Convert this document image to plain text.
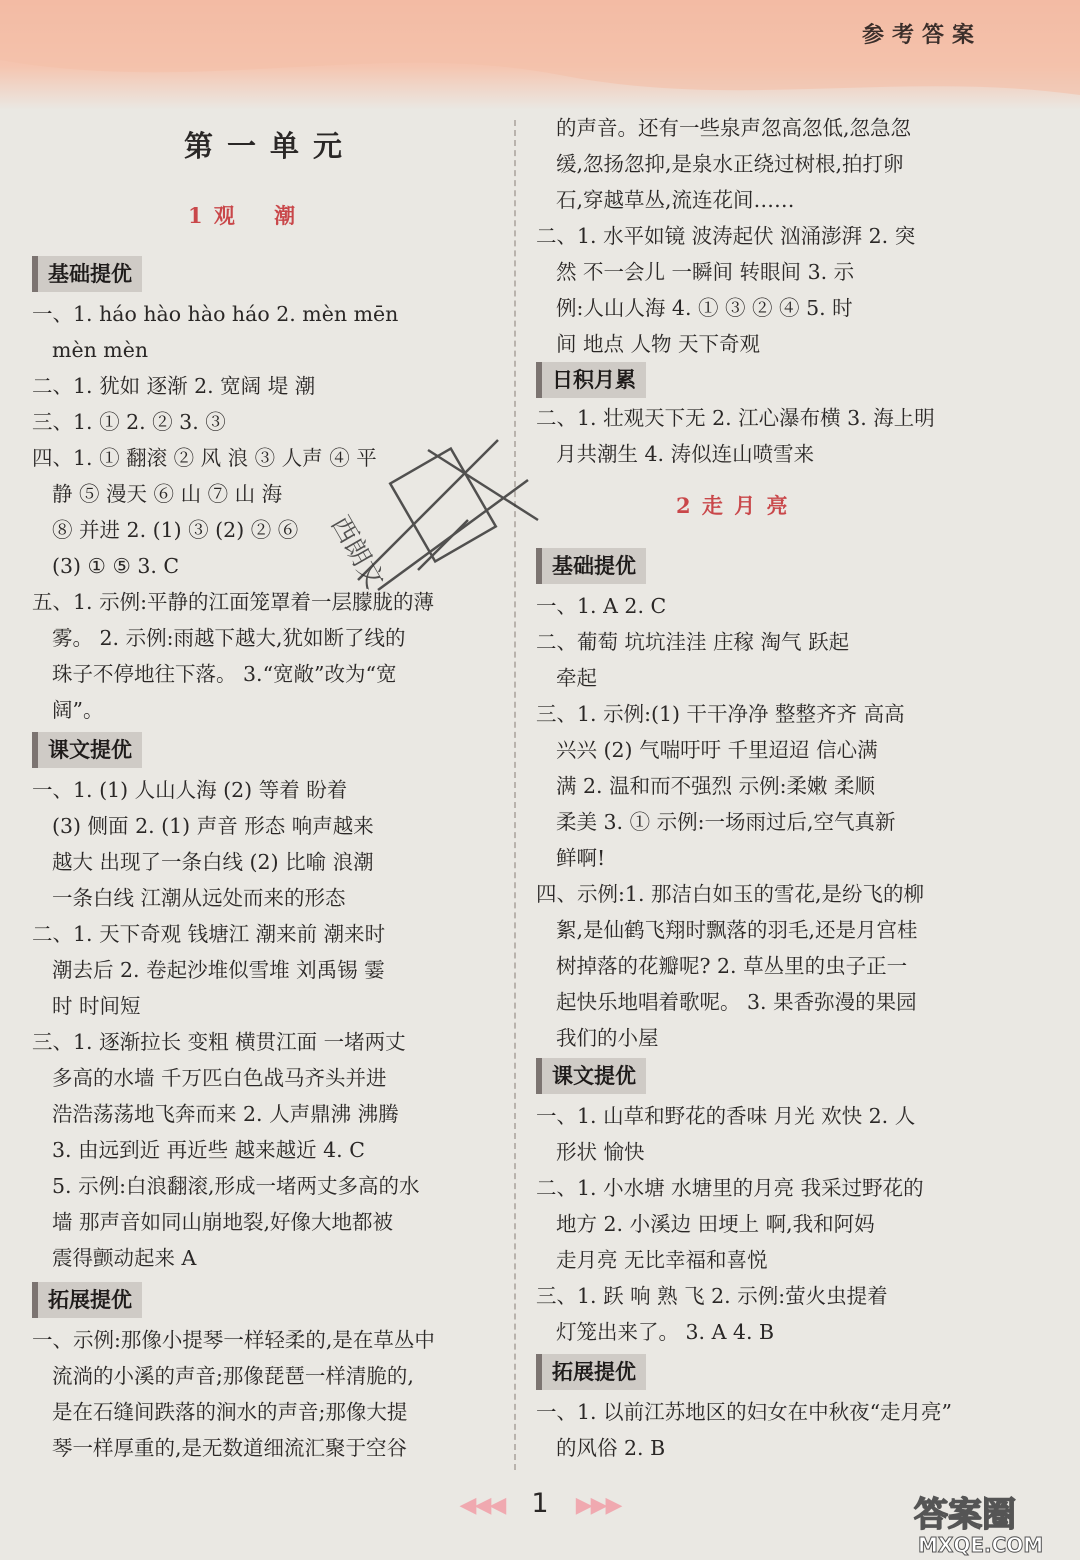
参考答案
第一单元
1 观    潮
基础提优
一、1. háo hào hào háo 2. mèn mēn
mèn mèn
二、1. 犹如 逐渐 2. 宽阔 堤 潮
三、1. ① 2. ② 3. ③
四、1. ① 翻滚 ② 风 浪 ③ 人声 ④ 平
静 ⑤ 漫天 ⑥ 山 ⑦ 山 海
⑧ 并进 2. (1) ③ (2) ② ⑥
(3) ① ⑤ 3. C
五、1. 示例:平静的江面笼罩着一层朦胧的薄
雾。 2. 示例:雨越下越大,犹如断了线的
珠子不停地往下落。 3.“宽敞”改为“宽
阔”。
课文提优
一、1. (1) 人山人海 (2) 等着 盼着
(3) 侧面 2. (1) 声音 形态 响声越来
越大 出现了一条白线 (2) 比喻 浪潮
一条白线 江潮从远处而来的形态
二、1. 天下奇观 钱塘江 潮来前 潮来时
潮去后 2. 卷起沙堆似雪堆 刘禹锡 霎
时 时间短
三、1. 逐渐拉长 变粗 横贯江面 一堵两丈
多高的水墙 千万匹白色战马齐头并进
浩浩荡荡地飞奔而来 2. 人声鼎沸 沸腾
3. 由远到近 再近些 越来越近 4. C
5. 示例:白浪翻滚,形成一堵两丈多高的水
墙 那声音如同山崩地裂,好像大地都被
震得颤动起来 A
拓展提优
一、示例:那像小提琴一样轻柔的,是在草丛中
流淌的小溪的声音;那像琵琶一样清脆的,
是在石缝间跌落的涧水的声音;那像大提
琴一样厚重的,是无数道细流汇聚于空谷
的声音。还有一些泉声忽高忽低,忽急忽
缓,忽扬忽抑,是泉水正绕过树根,拍打卵
石,穿越草丛,流连花间……
二、1. 水平如镜 波涛起伏 汹涌澎湃 2. 突
然 不一会儿 一瞬间 转眼间 3. 示
例:人山人海 4. ① ③ ② ④ 5. 时
间 地点 人物 天下奇观
日积月累
二、1. 壮观天下无 2. 江心瀑布横 3. 海上明
月共潮生 4. 涛似连山喷雪来
2 走 月 亮
基础提优
一、1. A 2. C
二、葡萄 坑坑洼洼 庄稼 淘气 跃起
牵起
三、1. 示例:(1) 干干净净 整整齐齐 高高
兴兴 (2) 气喘吁吁 千里迢迢 信心满
满 2. 温和而不强烈 示例:柔嫩 柔顺
柔美 3. ① 示例:一场雨过后,空气真新
鲜啊!
四、示例:1. 那洁白如玉的雪花,是纷飞的柳
絮,是仙鹤飞翔时飘落的羽毛,还是月宫桂
树掉落的花瓣呢? 2. 草丛里的虫子正一
起快乐地唱着歌呢。 3. 果香弥漫的果园
我们的小屋
课文提优
一、1. 山草和野花的香味 月光 欢快 2. 人
形状 愉快
二、1. 小水塘 水塘里的月亮 我采过野花的
地方 2. 小溪边 田埂上 啊,我和阿妈
走月亮 无比幸福和喜悦
三、1. 跃 响 熟 飞 2. 示例:萤火虫提着
灯笼出来了。 3. A 4. B
拓展提优
一、1. 以前江苏地区的妇女在中秋夜“走月亮”
的风俗 2. B
西朗文
◀◀◀ 1 ▶▶▶	答案圈
MXQE.COM
